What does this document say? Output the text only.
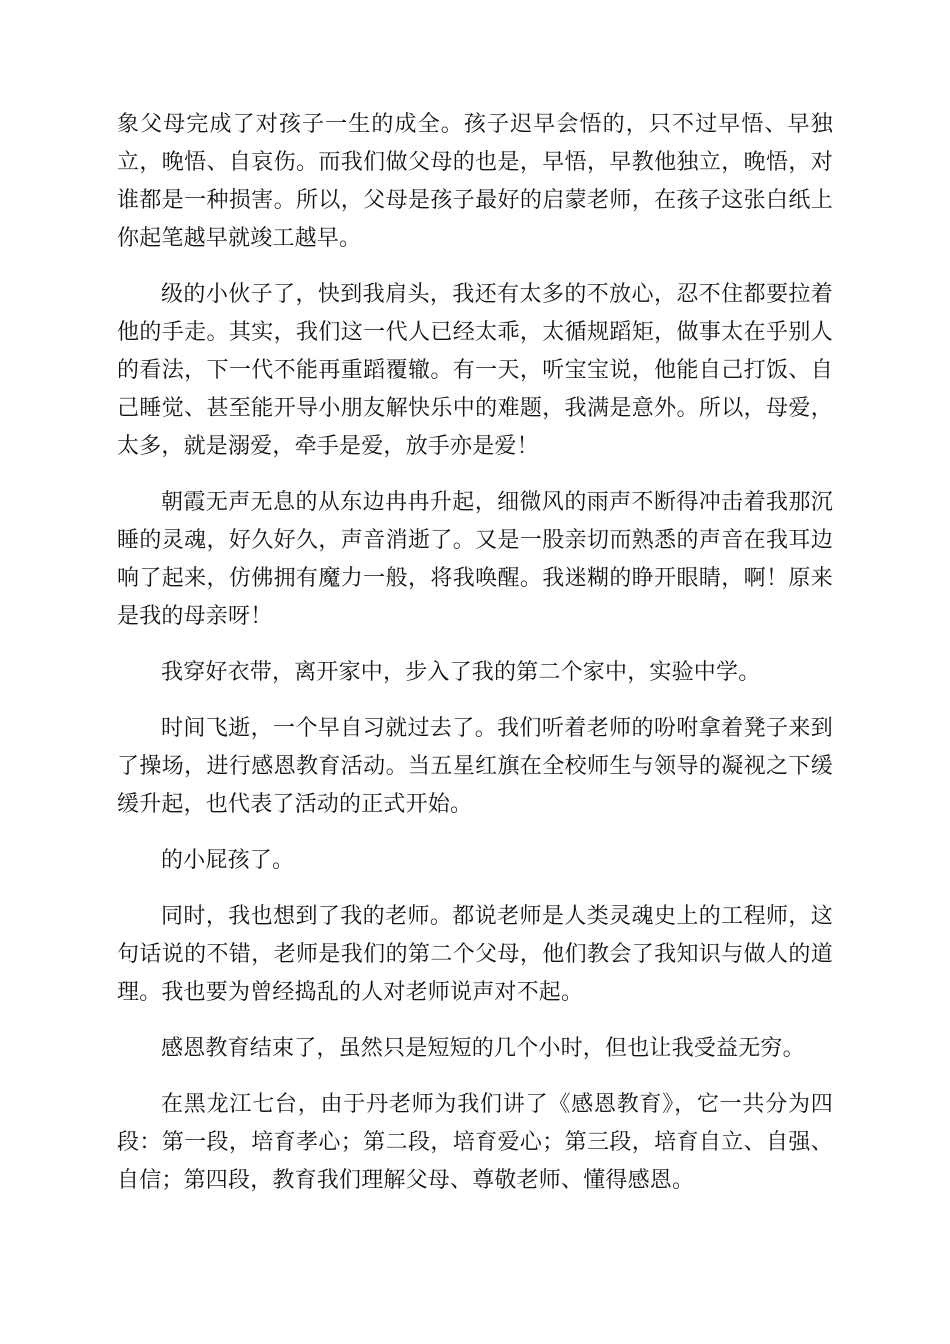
象父母完成了对孩子一生的成全。孩子迟早会悟的，只不过早悟、早独立，晚悟、自哀伤。而我们做父母的也是，早悟，早教他独立，晚悟，对谁都是一种损害。所以，父母是孩子最好的启蒙老师，在孩子这张白纸上你起笔越早就竣工越早。

级的小伙子了，快到我肩头，我还有太多的不放心，忍不住都要拉着他的手走。其实，我们这一代人已经太乖，太循规蹈矩，做事太在乎别人的看法，下一代不能再重蹈覆辙。有一天，听宝宝说，他能自己打饭、自己睡觉、甚至能开导小朋友解快乐中的难题，我满是意外。所以，母爱，太多，就是溺爱，牵手是爱，放手亦是爱！

朝霞无声无息的从东边冉冉升起，细微风的雨声不断得冲击着我那沉睡的灵魂，好久好久，声音消逝了。又是一股亲切而熟悉的声音在我耳边响了起来，仿佛拥有魔力一般，将我唤醒。我迷糊的睁开眼睛，啊！原来是我的母亲呀！

我穿好衣带，离开家中，步入了我的第二个家中，实验中学。

时间飞逝，一个早自习就过去了。我们听着老师的吩咐拿着凳子来到了操场，进行感恩教育活动。当五星红旗在全校师生与领导的凝视之下缓缓升起，也代表了活动的正式开始。

的小屁孩了。

同时，我也想到了我的老师。都说老师是人类灵魂史上的工程师，这句话说的不错，老师是我们的第二个父母，他们教会了我知识与做人的道理。我也要为曾经捣乱的人对老师说声对不起。

感恩教育结束了，虽然只是短短的几个小时，但也让我受益无穷。

在黑龙江七台，由于丹老师为我们讲了《感恩教育》，它一共分为四段：第一段，培育孝心；第二段，培育爱心；第三段，培育自立、自强、自信；第四段，教育我们理解父母、尊敬老师、懂得感恩。
